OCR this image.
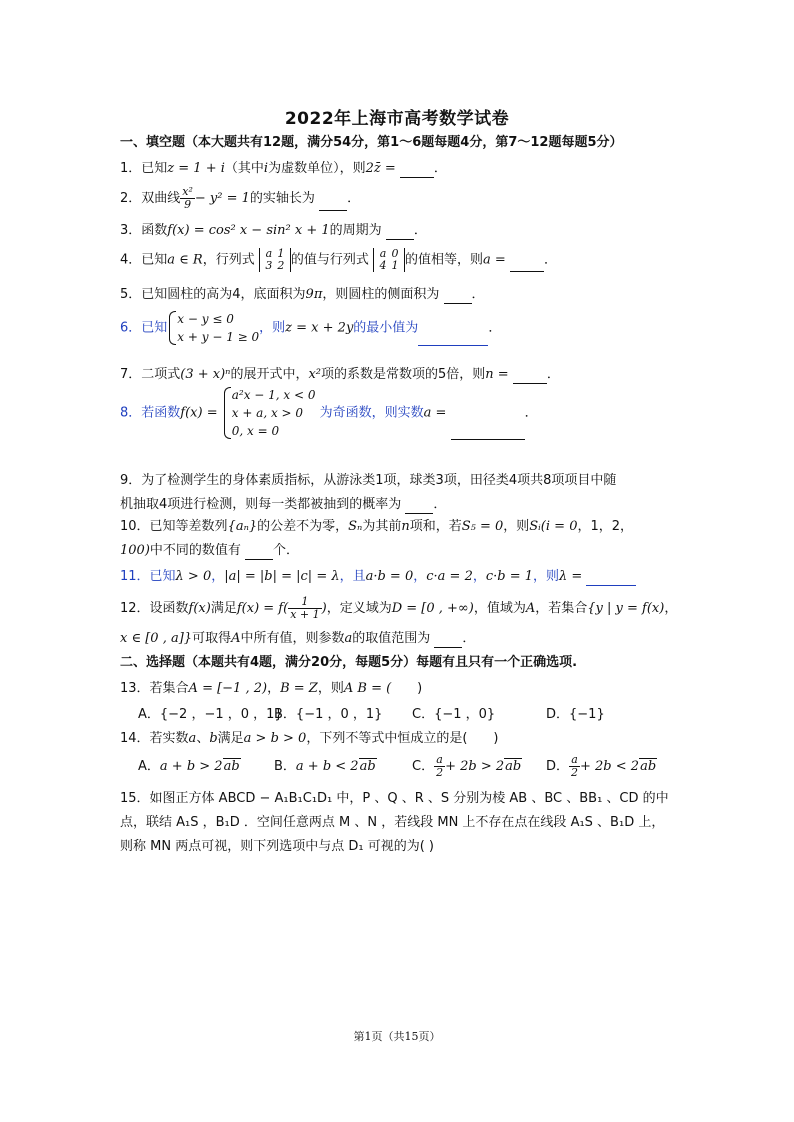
2022年上海市高考数学试卷
一、填空题（本大题共有12题，满分54分，第1～6题每题4分，第7～12题每题5分）
1．已知z = 1 + i（其中i为虚数单位），则2z̄ =	．
2．双曲线 $\frac{\text{x²}}{9} - y^2 = 1$的实轴长为 ．
3．函数f(x) = cos² x − sin² x + 1的周期为 ．
4．已知a ∈ R，行列式 a 1
3 2 的值与行列式 a 0
4 1 的值相等，则a =	．
5．已知圆柱的高为4，底面积为9π，则圆柱的侧面积为 ．
6．已知x − y ≤ 0
x + y − 1 ≥ 0，则z = x + 2y的最小值为	．
7．二项式(3 + x)ⁿ的展开式中，x²项的系数是常数项的5倍，则n =	．
8．若函数f(x) = a²x − 1, x < 0
x + a, x > 0
0, x = 0 为奇函数，则实数a =	．
9．为了检测学生的身体素质指标，从游泳类1项，球类3项，田径类4项共8项项目中随
机抽取4项进行检测，则每一类都被抽到的概率为 ．
10．已知等差数列{aₙ}的公差不为零，Sₙ为其前n项和，若S₅ = 0，则Sᵢ(i = 0，1，2，
100)中不同的数值有 个．
11．已知λ > 0，|a| = |b| = |c| = λ，且a·b = 0，c·a = 2，c·b = 1，则λ =
12．设函数f(x)满足$f(x) = f( \frac{1}{x + 1}$ )，定义域为D = [0 , +∞)，值域为A，若集合{y | y = f(x)，
x ∈ [0 , a]}可取得A中所有值，则参数a的取值范围为 ．
二、选择题（本题共有4题，满分20分，每题5分）每题有且只有一个正确选项.
13．若集合A = [−1 , 2)，B = Z，则A B = ( )
A．{−2 ，−1 ，0 ，1}B．{−1 ，0 ，1} C．{−1 ，0}	D．{−1}
14．若实数a、b满足a > b > 0，下列不等式中恒成立的是( )
A．a + b > 2ab	B．a + b < 2ab	C． $\frac{a}{2} + 2b > 2ab$ D． $\frac{a}{2} + 2b < 2ab$
15．如图正方体 ABCD − A₁B₁C₁D₁ 中，P 、Q 、R 、S 分别为棱 AB 、BC 、BB₁ 、CD 的中
点，联结 A₁S ，B₁D ．空间任意两点 M 、N ，若线段 MN 上不存在点在线段 A₁S 、B₁D 上，
则称 MN 两点可视，则下列选项中与点 D₁ 可视的为( )
第1页（共15页）
